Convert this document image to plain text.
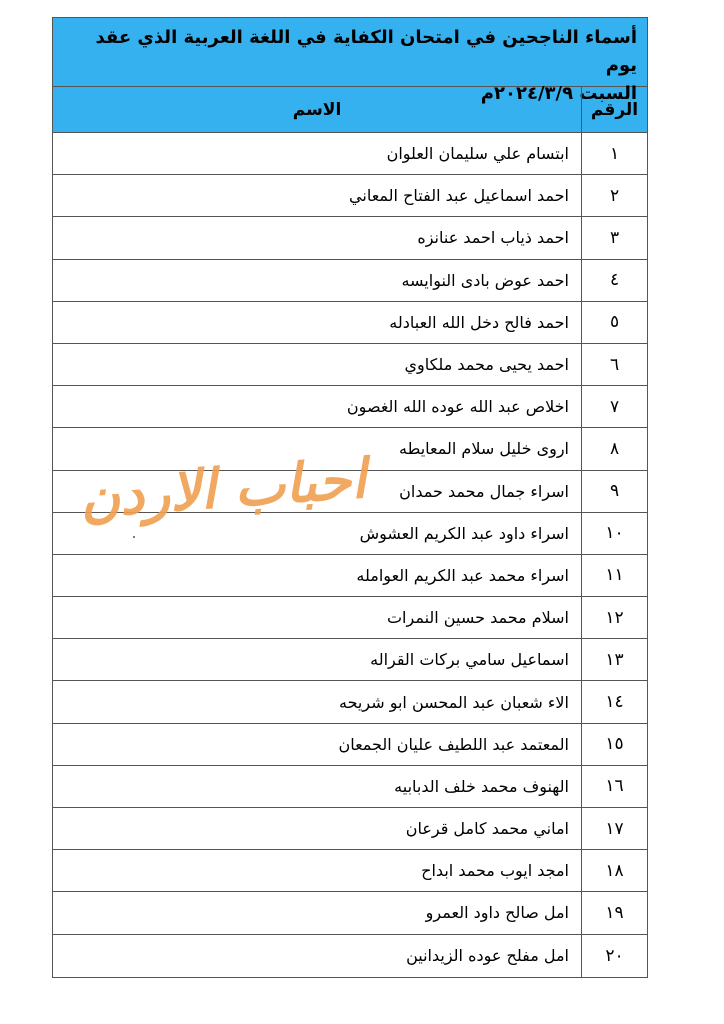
أسماء الناجحين في امتحان الكفاية في اللغة العربية الذي عقد يوم
السبت ٢٠٢٤/٣/٩م
الرقم
الاسم
١
ابتسام علي سليمان العلوان
٢
احمد اسماعيل عبد الفتاح المعاني
٣
احمد ذياب احمد عنانزه
٤
احمد عوض بادى النوايسه
٥
احمد فالح دخل الله العبادله
٦
احمد يحيى محمد ملكاوي
٧
اخلاص عبد الله عوده الله الغصون
٨
اروى خليل سلام المعايطه
٩
اسراء جمال محمد حمدان
١٠
اسراء داود عبد الكريم العشوش
١١
اسراء محمد عبد الكريم العوامله
١٢
اسلام محمد حسين النمرات
١٣
اسماعيل سامي بركات القراله
١٤
الاء شعبان عبد المحسن ابو شريحه
١٥
المعتمد عبد اللطيف عليان الجمعان
١٦
الهنوف محمد خلف الدبابيه
١٧
اماني محمد كامل قرعان
١٨
امجد ايوب محمد ابداح
١٩
امل صالح داود العمرو
٢٠
امل مفلح عوده الزيدانين
احباب الاردن
